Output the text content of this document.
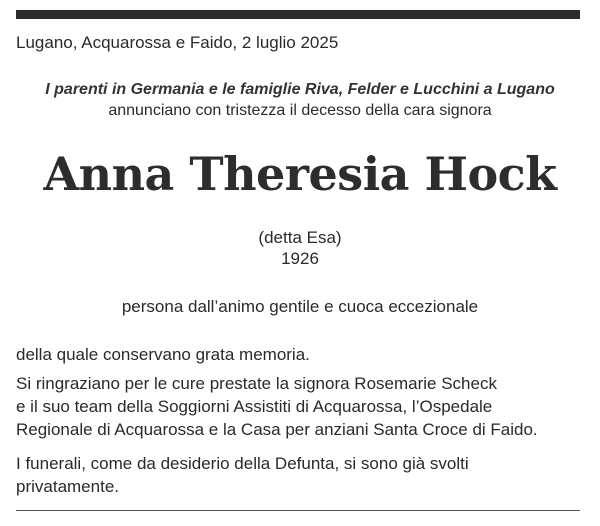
Lugano, Acquarossa e Faido, 2 luglio 2025
I parenti in Germania e le famiglie Riva, Felder e Lucchini a Lugano
annunciano con tristezza il decesso della cara signora
Anna Theresia Hock
(detta Esa)
1926
persona dall’animo gentile e cuoca eccezionale
della quale conservano grata memoria.
Si ringraziano per le cure prestate la signora Rosemarie Scheck
e il suo team della Soggiorni Assistiti di Acquarossa, l’Ospedale
Regionale di Acquarossa e la Casa per anziani Santa Croce di Faido.
I funerali, come da desiderio della Defunta, si sono già svolti
privatamente.
